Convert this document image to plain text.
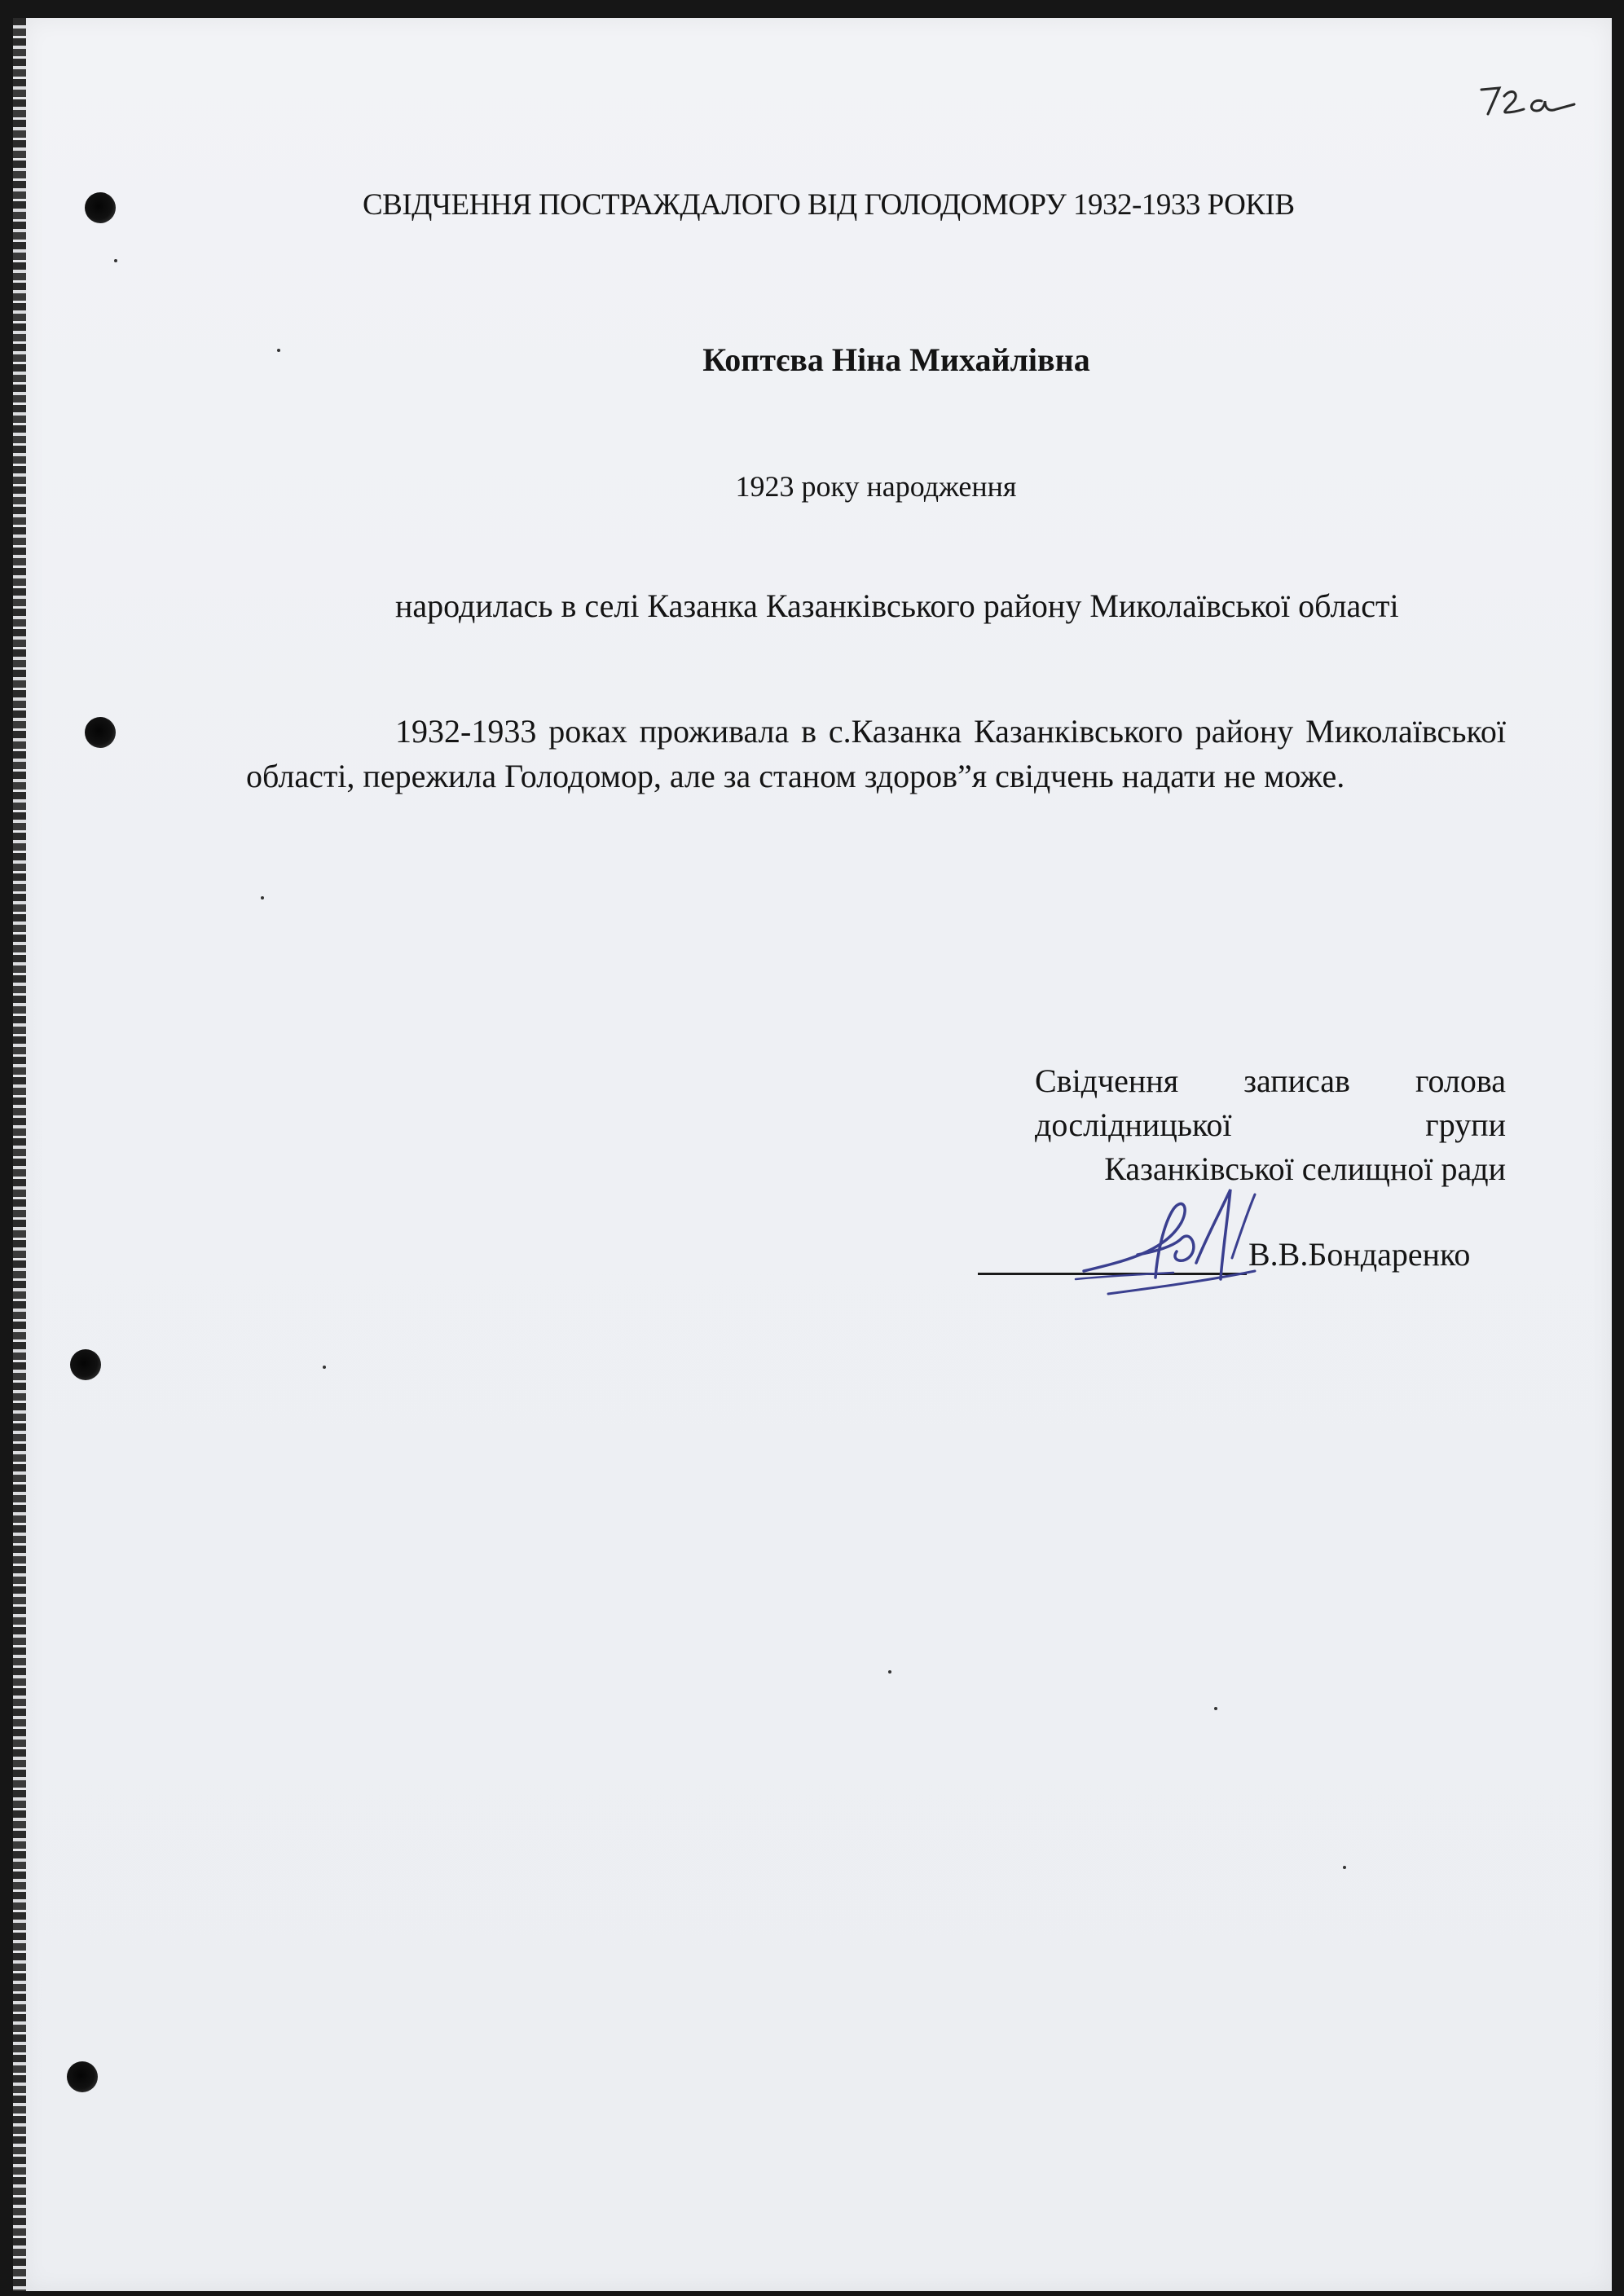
СВІДЧЕННЯ ПОСТРАЖДАЛОГО ВІД ГОЛОДОМОРУ 1932-1933 РОКІВ
Коптєва Ніна Михайлівна
1923 року народження
народилась в селі Казанка Казанківського району Миколаївської області
1932-1933 роках проживала в с.Казанка Казанківського району Миколаївської області, пережила Голодомор, але за станом здоров”я свідчень надати не може.
Свідчення записав голова
дослідницької групи
Казанківської селищної ради
В.В.Бондаренко
